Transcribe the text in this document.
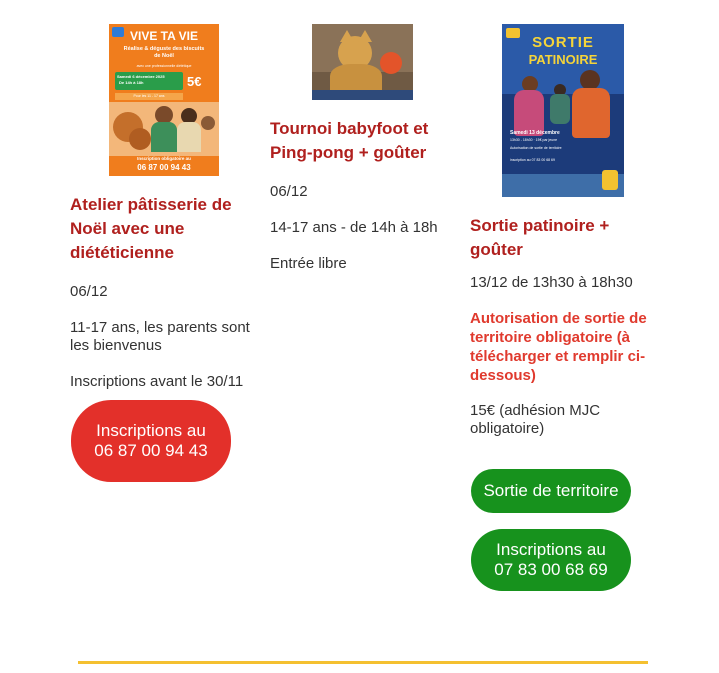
VIVE TA VIE
Réalise & déguste des biscuits de Noël
avec une professionnelle diététique
Samedi 6 décembre 2025
De 14h à 18h	5€
Pour les 11 - 17 ans
Inscription obligatoire au
06 87 00 94 43
Atelier pâtisserie de Noël avec une diététicienne

06/12

11-17 ans, les parents sont les bienvenus

Inscriptions avant le 30/11

Inscriptions au
06 87 00 94 43
Tournoi babyfoot et Ping-pong + goûter

06/12

14-17 ans - de 14h à 18h

Entrée libre

SORTIE
PATINOIRE
Samedi 13 décembre
13h30 - 18h30 · 15€ par jeune
Autorisation de sortie de territoire
inscription au 07 83 00 68 69
Sortie patinoire + goûter

13/12 de 13h30 à 18h30

Autorisation de sortie de territoire obligatoire (à télécharger et remplir ci-dessous)

15€ (adhésion MJC obligatoire)

Sortie de territoire
Inscriptions au
07 83 00 68 69
